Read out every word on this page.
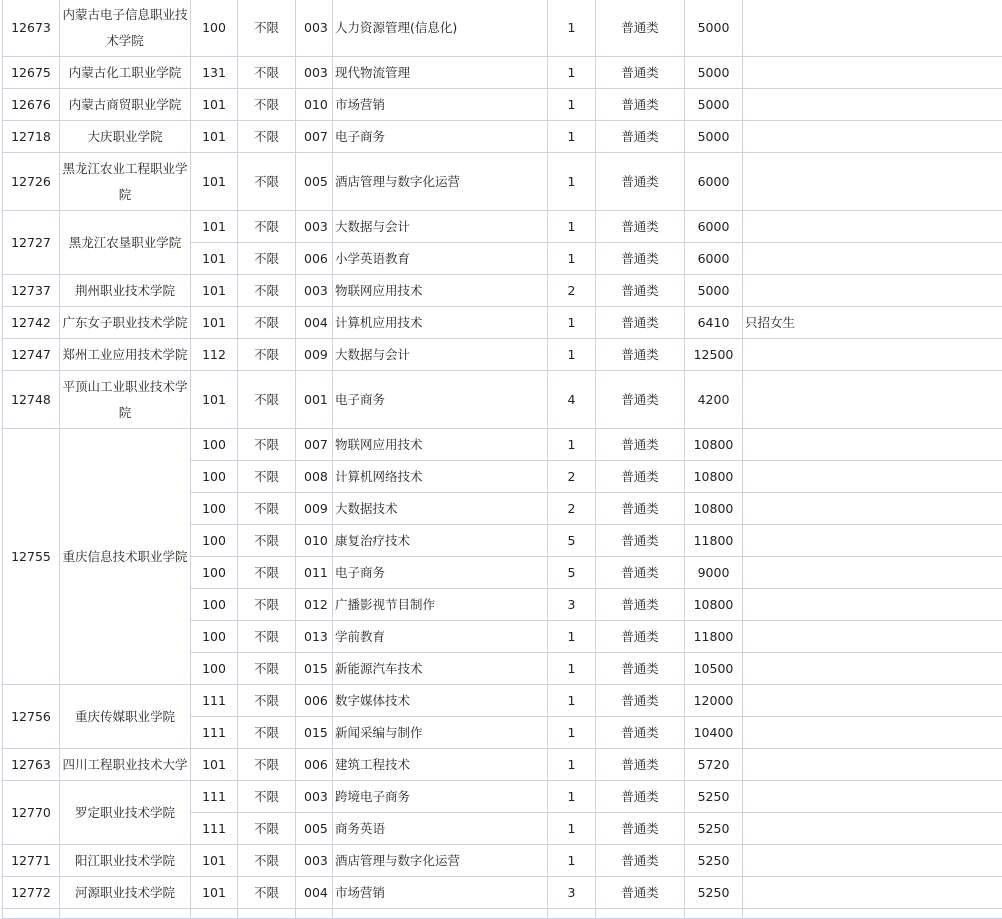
12673	内蒙古电子信息职业技术学院	100	不限	003	人力资源管理(信息化)	1	普通类	5000	
12675	内蒙古化工职业学院	131	不限	003	现代物流管理	1	普通类	5000	
12676	内蒙古商贸职业学院	101	不限	010	市场营销	1	普通类	5000	
12718	大庆职业学院	101	不限	007	电子商务	1	普通类	5000	
12726	黑龙江农业工程职业学院	101	不限	005	酒店管理与数字化运营	1	普通类	6000	
12727	黑龙江农垦职业学院	101	不限	003	大数据与会计	1	普通类	6000	
		101	不限	006	小学英语教育	1	普通类	6000	
12737	荆州职业技术学院	101	不限	003	物联网应用技术	2	普通类	5000	
12742	广东女子职业技术学院	101	不限	004	计算机应用技术	1	普通类	6410	只招女生
12747	郑州工业应用技术学院	112	不限	009	大数据与会计	1	普通类	12500	
12748	平顶山工业职业技术学院	101	不限	001	电子商务	4	普通类	4200	
12755	重庆信息技术职业学院	100	不限	007	物联网应用技术	1	普通类	10800	
		100	不限	008	计算机网络技术	2	普通类	10800	
		100	不限	009	大数据技术	2	普通类	10800	
		100	不限	010	康复治疗技术	5	普通类	11800	
		100	不限	011	电子商务	5	普通类	9000	
		100	不限	012	广播影视节目制作	3	普通类	10800	
		100	不限	013	学前教育	1	普通类	11800	
		100	不限	015	新能源汽车技术	1	普通类	10500	
12756	重庆传媒职业学院	111	不限	006	数字媒体技术	1	普通类	12000	
		111	不限	015	新闻采编与制作	1	普通类	10400	
12763	四川工程职业技术大学	101	不限	006	建筑工程技术	1	普通类	5720	
12770	罗定职业技术学院	111	不限	003	跨境电子商务	1	普通类	5250	
		111	不限	005	商务英语	1	普通类	5250	
12771	阳江职业技术学院	101	不限	003	酒店管理与数字化运营	1	普通类	5250	
12772	河源职业技术学院	101	不限	004	市场营销	3	普通类	5250	
